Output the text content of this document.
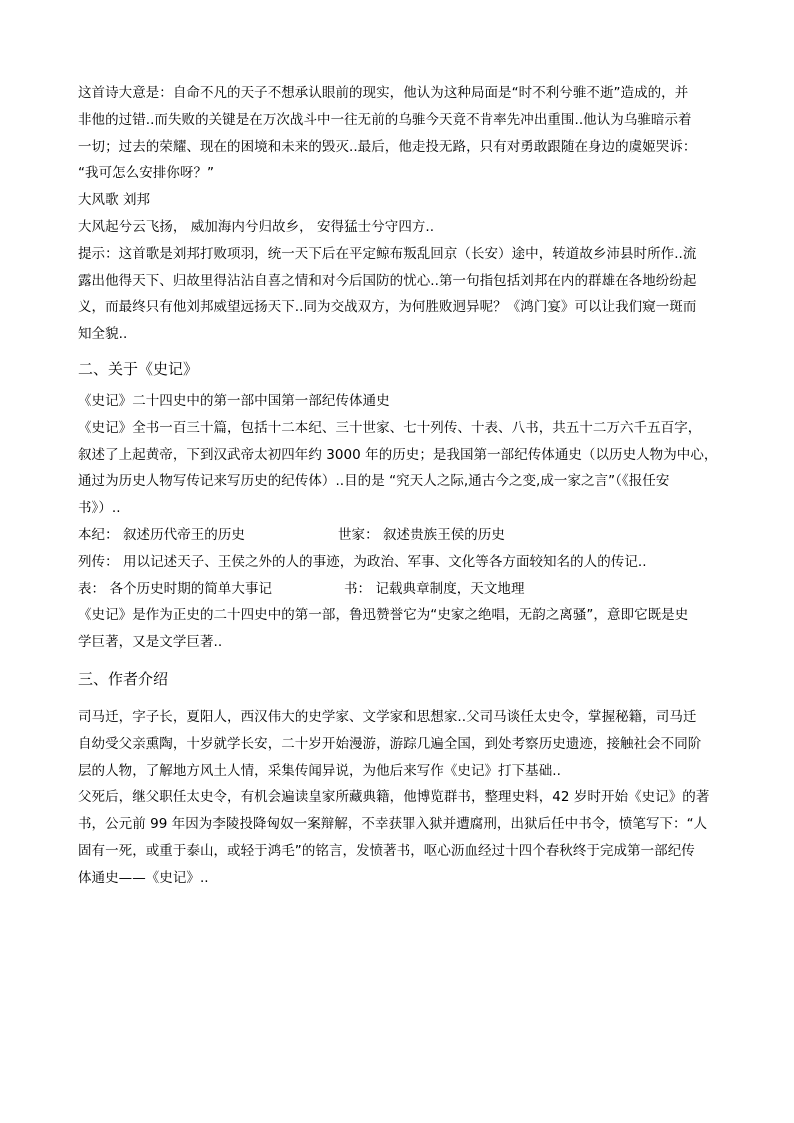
这首诗大意是：自命不凡的天子不想承认眼前的现实，他认为这种局面是“时不利兮骓不逝”造成的，并

非他的过错..而失败的关键是在万次战斗中一往无前的乌骓今天竟不肯率先冲出重围..他认为乌骓暗示着

一切；过去的荣耀、现在的困境和未来的毁灭..最后，他走投无路，只有对勇敢跟随在身边的虞姬哭诉：

“我可怎么安排你呀？”

大风歌 刘邦

大风起兮云飞扬， 威加海内兮归故乡， 安得猛士兮守四方..

提示：这首歌是刘邦打败项羽，统一天下后在平定鲸布叛乱回京（长安）途中，转道故乡沛县时所作..流

露出他得天下、归故里得沾沾自喜之情和对今后国防的忧心..第一句指包括刘邦在内的群雄在各地纷纷起

义，而最终只有他刘邦威望远扬天下..同为交战双方，为何胜败迥异呢？《鸿门宴》可以让我们窥一斑而

知全貌..

二、关于《史记》

《史记》二十四史中的第一部中国第一部纪传体通史

《史记》全书一百三十篇，包括十二本纪、三十世家、七十列传、十表、八书，共五十二万六千五百字，

叙述了上起黄帝，下到汉武帝太初四年约 3000 年的历史；是我国第一部纪传体通史（以历史人物为中心，

通过为历史人物写传记来写历史的纪传体）..目的是 “究天人之际,通古今之变,成一家之言”（《报任安

书》）..

本纪： 叙述历代帝王的历史	世家： 叙述贵族王侯的历史

列传： 用以记述天子、王侯之外的人的事迹，为政治、军事、文化等各方面较知名的人的传记..

表： 各个历史时期的简单大事记	书： 记载典章制度，天文地理

《史记》是作为正史的二十四史中的第一部，鲁迅赞誉它为“史家之绝唱，无韵之离骚”，意即它既是史

学巨著，又是文学巨著..

三、作者介绍

司马迁，字子长，夏阳人，西汉伟大的史学家、文学家和思想家..父司马谈任太史令，掌握秘籍，司马迁

自幼受父亲熏陶，十岁就学长安，二十岁开始漫游，游踪几遍全国，到处考察历史遗迹，接触社会不同阶

层的人物，了解地方风土人情，采集传闻异说，为他后来写作《史记》打下基础..

父死后，继父职任太史令，有机会遍读皇家所藏典籍，他博览群书，整理史料，42 岁时开始《史记》的著

书，公元前 99 年因为李陵投降匈奴一案辩解，不幸获罪入狱并遭腐刑，出狱后任中书令，愤笔写下：“人

固有一死，或重于泰山，或轻于鸿毛”的铭言，发愤著书，呕心沥血经过十四个春秋终于完成第一部纪传

体通史——《史记》..
